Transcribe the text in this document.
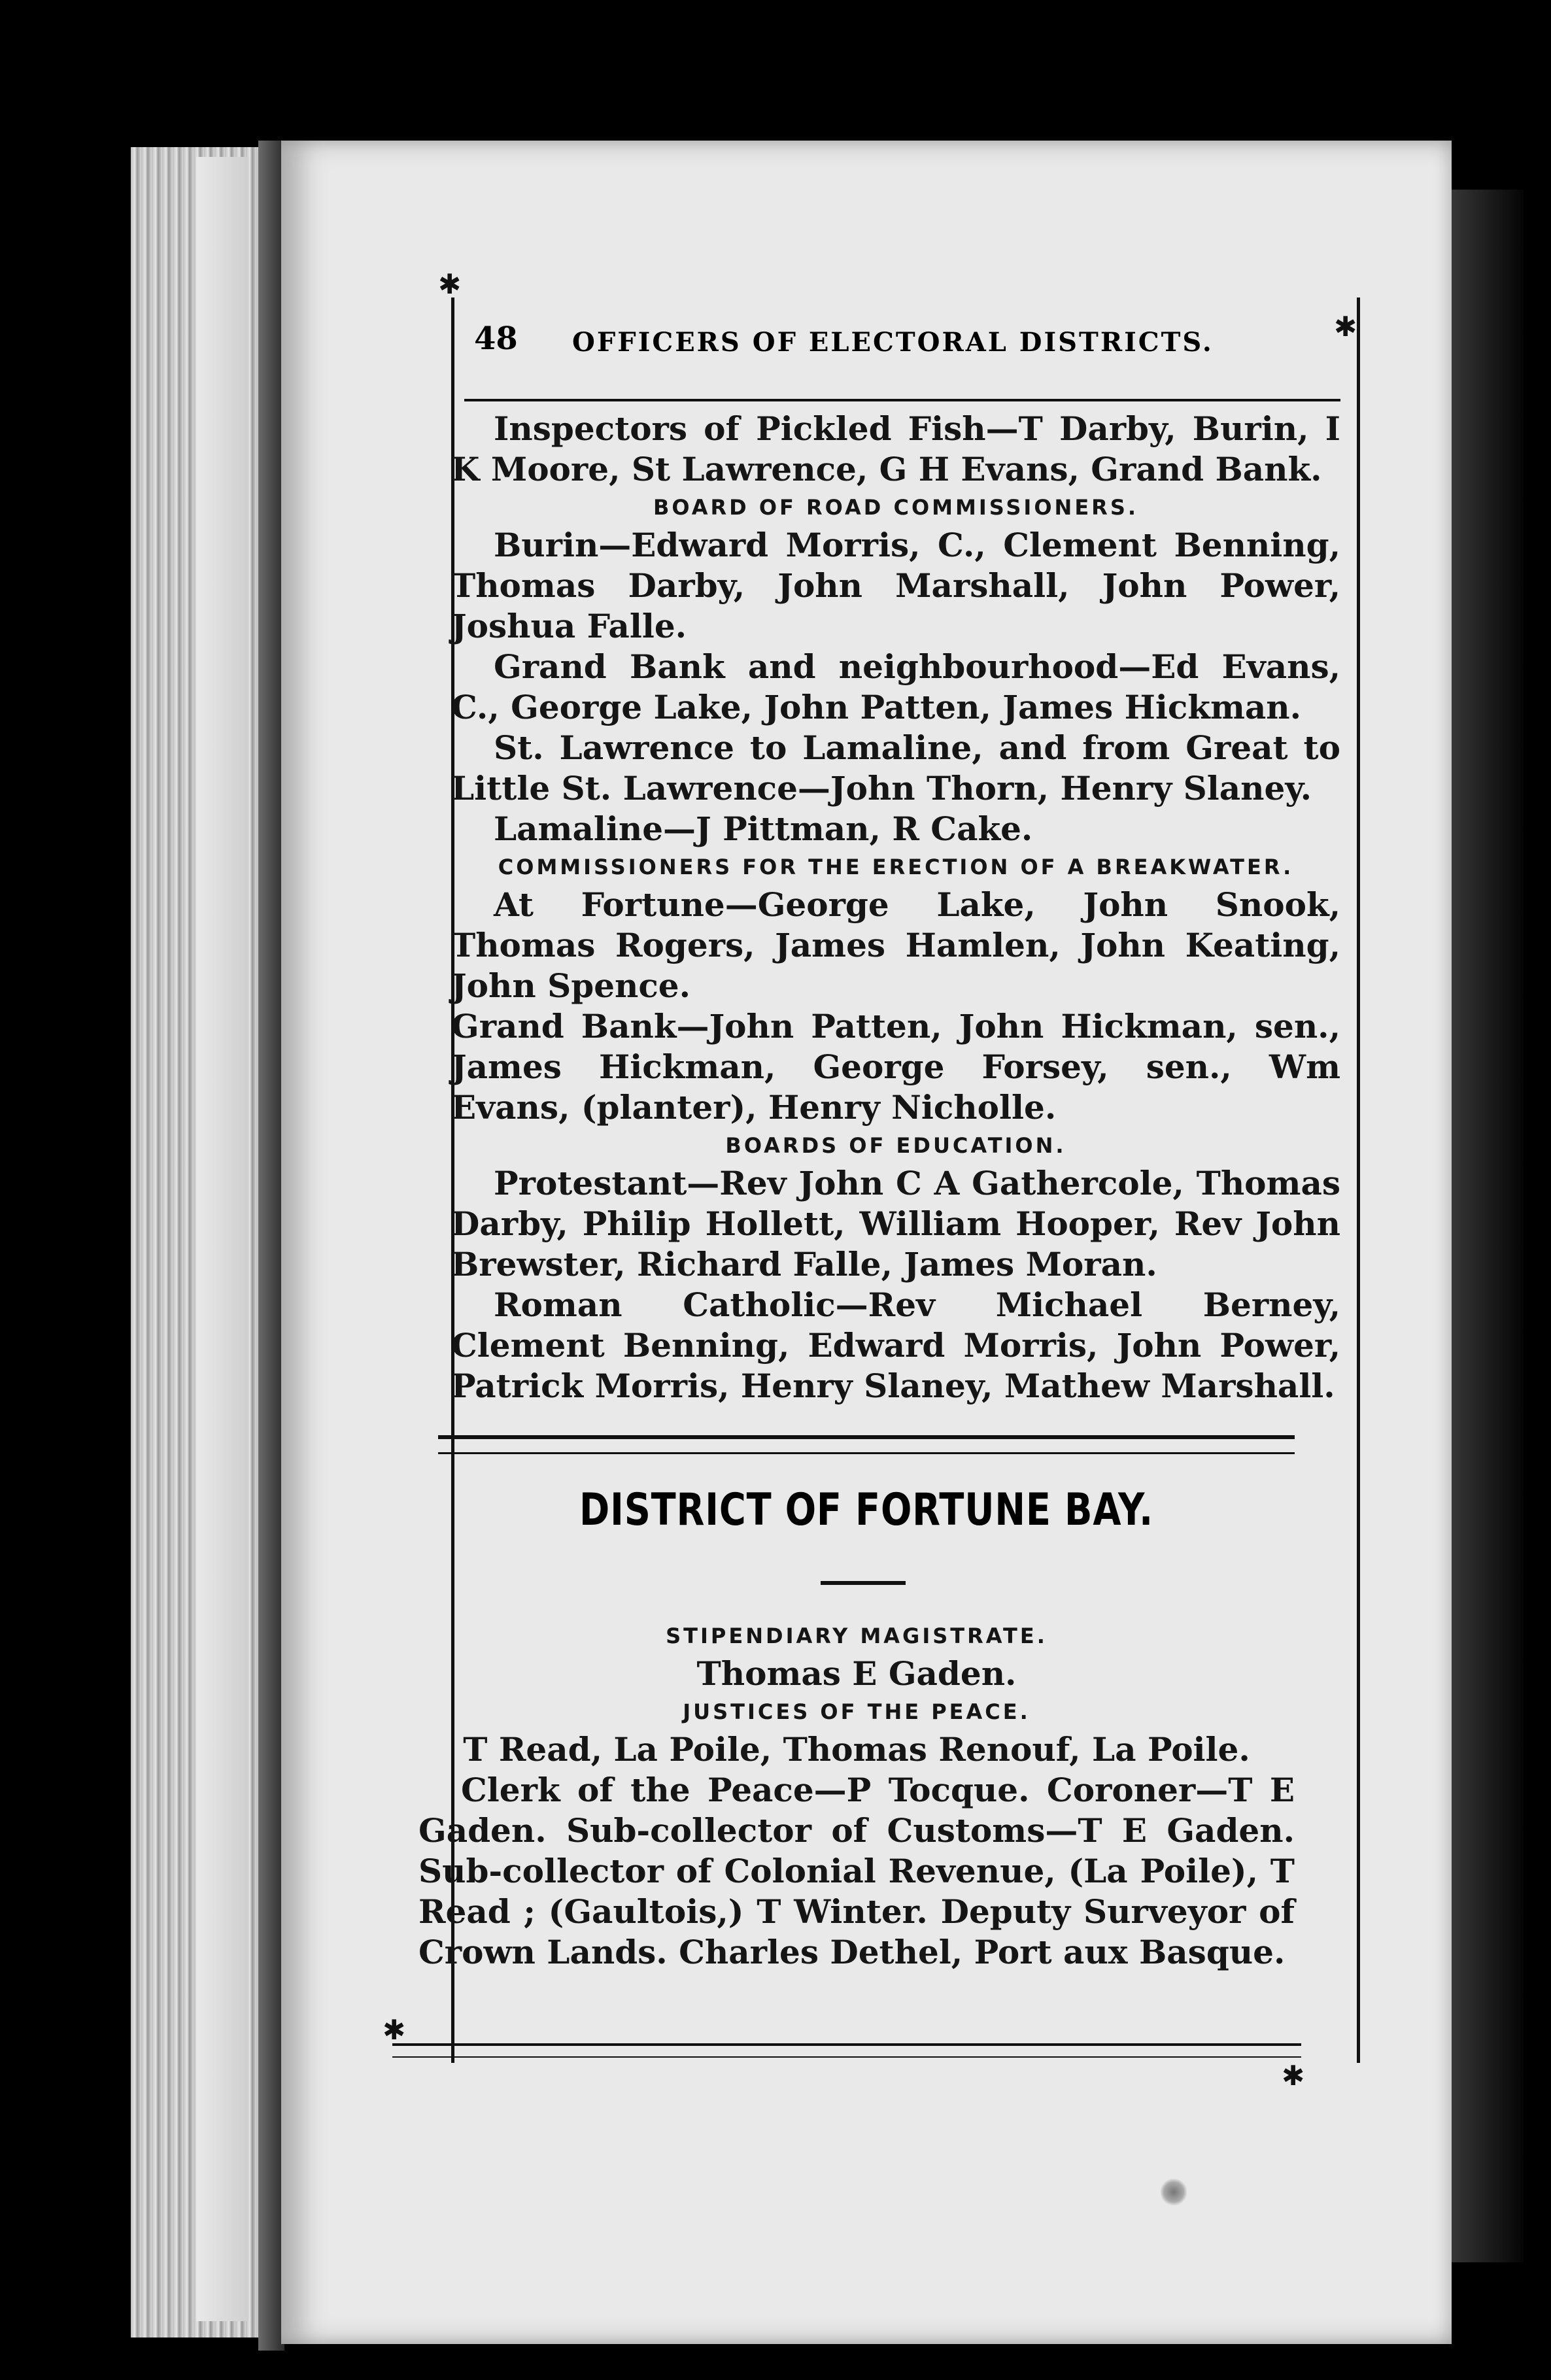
✱
✱
✱
✱
48 OFFICERS OF ELECTORAL DISTRICTS.

Inspectors of Pickled Fish—T Darby, Burin, I K Moore, St Lawrence, G H Evans, Grand Bank.

BOARD OF ROAD COMMISSIONERS.

Burin—Edward Morris, C., Clement Benning, Thomas Darby, John Marshall, John Power, Joshua Falle.

Grand Bank and neighbourhood—Ed Evans, C., George Lake, John Patten, James Hickman.

St. Lawrence to Lamaline, and from Great to Little St. Lawrence—John Thorn, Henry Slaney.

Lamaline—J Pittman, R Cake.

COMMISSIONERS FOR THE ERECTION OF A BREAKWATER.

At Fortune—George Lake, John Snook, Thomas Rogers, James Hamlen, John Keating, John Spence.

Grand Bank—John Patten, John Hickman, sen., James Hickman, George Forsey, sen., Wm Evans, (planter), Henry Nicholle.

BOARDS OF EDUCATION.

Protestant—Rev John C A Gathercole, Thomas Darby, Philip Hollett, William Hooper, Rev John Brewster, Richard Falle, James Moran.

Roman Catholic—Rev Michael Berney, Clement Benning, Edward Morris, John Power, Patrick Morris, Henry Slaney, Mathew Marshall.

DISTRICT OF FORTUNE BAY.

STIPENDIARY MAGISTRATE.

Thomas E Gaden.

JUSTICES OF THE PEACE.

T Read, La Poile, Thomas Renouf, La Poile.

Clerk of the Peace—P Tocque. Coroner—T E Gaden. Sub-collector of Customs—T E Gaden. Sub-collector of Colonial Revenue, (La Poile), T Read ; (Gaultois,) T Winter. Deputy Surveyor of Crown Lands. Charles Dethel, Port aux Basque.
